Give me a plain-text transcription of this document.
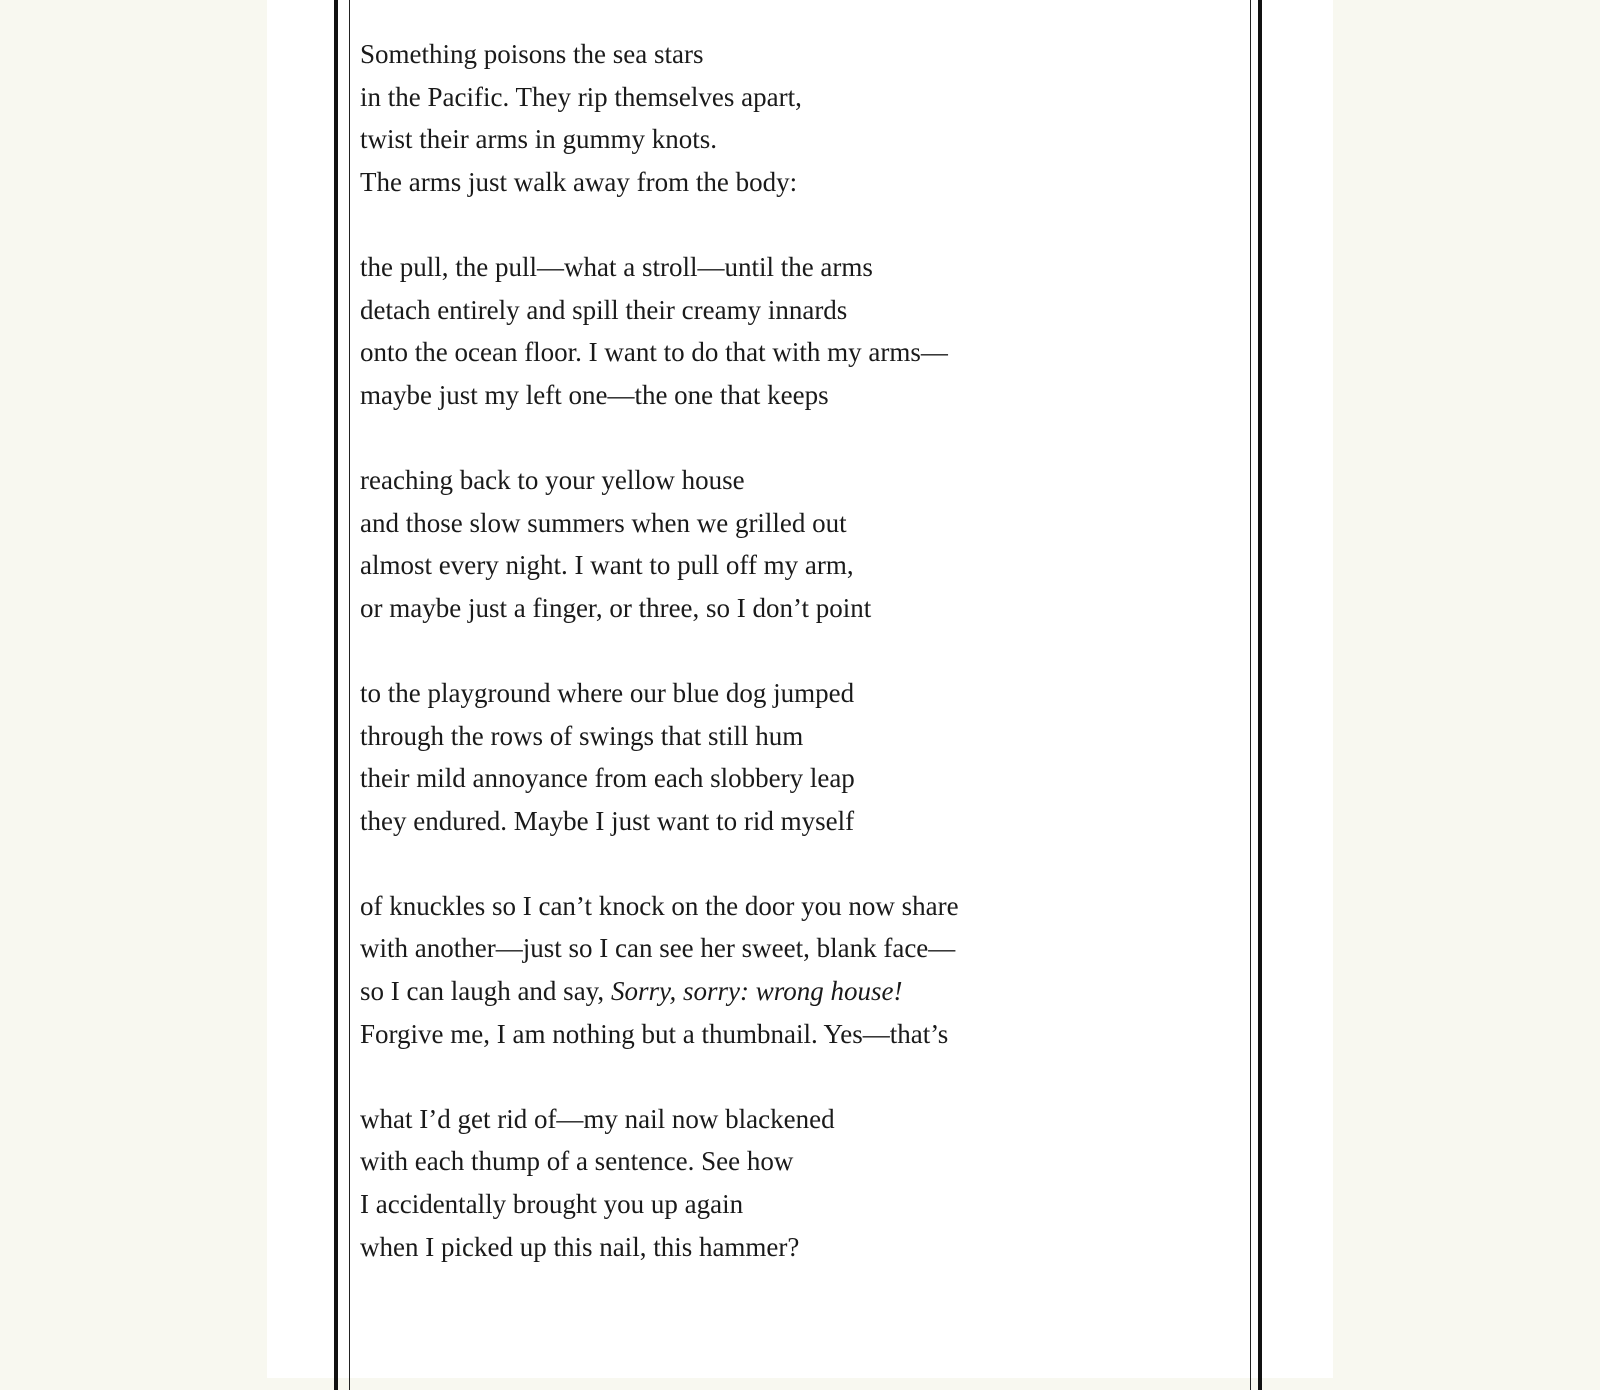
Something poisons the sea stars
in the Pacific. They rip themselves apart,
twist their arms in gummy knots.
The arms just walk away from the body:
the pull, the pull—what a stroll—until the arms
detach entirely and spill their creamy innards
onto the ocean floor. I want to do that with my arms—
maybe just my left one—the one that keeps
reaching back to your yellow house
and those slow summers when we grilled out
almost every night. I want to pull off my arm,
or maybe just a finger, or three, so I don’t point
to the playground where our blue dog jumped
through the rows of swings that still hum
their mild annoyance from each slobbery leap
they endured. Maybe I just want to rid myself
of knuckles so I can’t knock on the door you now share
with another—just so I can see her sweet, blank face—
so I can laugh and say, Sorry, sorry: wrong house!
Forgive me, I am nothing but a thumbnail. Yes—that’s
what I’d get rid of—my nail now blackened
with each thump of a sentence. See how
I accidentally brought you up again
when I picked up this nail, this hammer?
